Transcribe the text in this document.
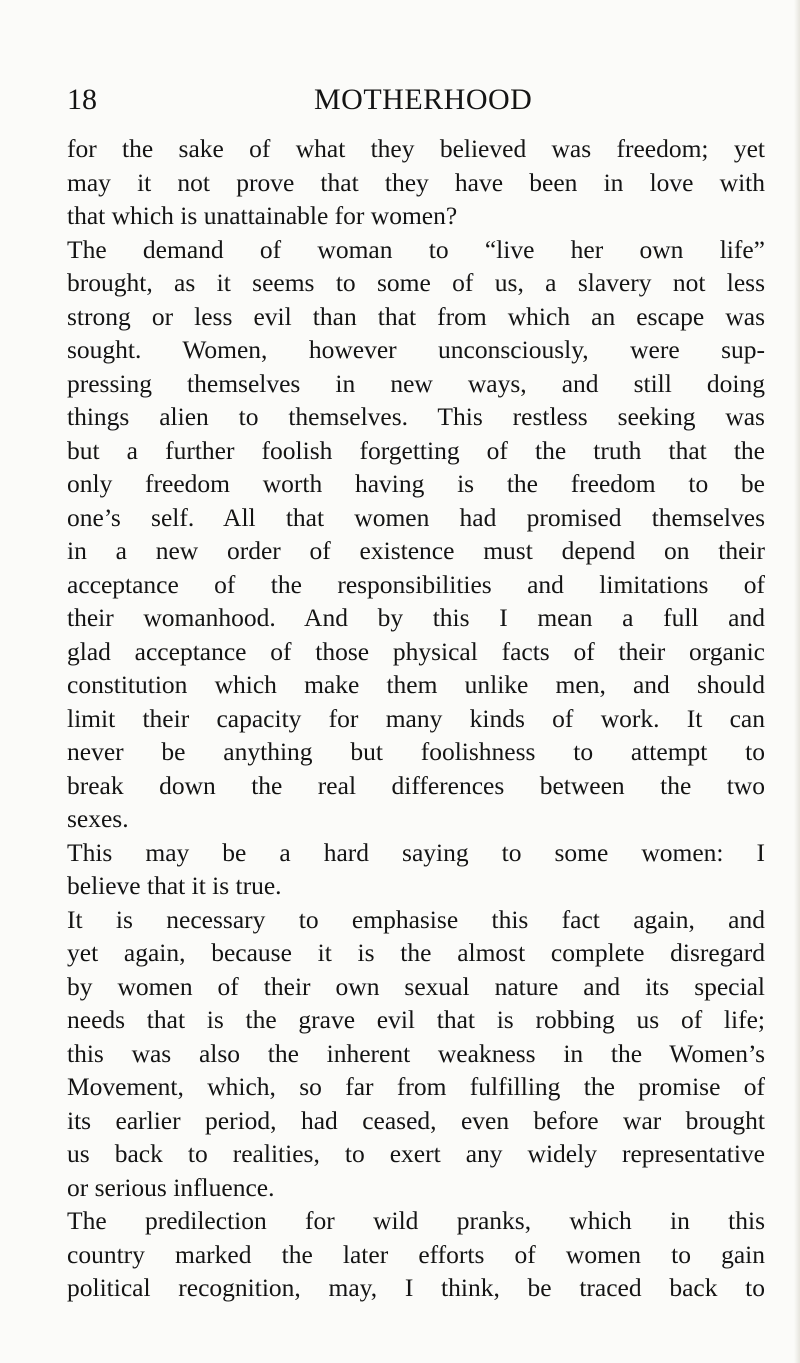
18	MOTHERHOOD
for the sake of what they believed was freedom; yet
may it not prove that they have been in love with
that which is unattainable for women?
The demand of woman to “live her own life”
brought, as it seems to some of us, a slavery not less
strong or less evil than that from which an escape was
sought. Women, however unconsciously, were sup-
pressing themselves in new ways, and still doing
things alien to themselves. This restless seeking was
but a further foolish forgetting of the truth that the
only freedom worth having is the freedom to be
one’s self. All that women had promised themselves
in a new order of existence must depend on their
acceptance of the responsibilities and limitations of
their womanhood. And by this I mean a full and
glad acceptance of those physical facts of their organic
constitution which make them unlike men, and should
limit their capacity for many kinds of work. It can
never be anything but foolishness to attempt to
break down the real differences between the two
sexes.
This may be a hard saying to some women: I
believe that it is true.
It is necessary to emphasise this fact again, and
yet again, because it is the almost complete disregard
by women of their own sexual nature and its special
needs that is the grave evil that is robbing us of life;
this was also the inherent weakness in the Women’s
Movement, which, so far from fulfilling the promise of
its earlier period, had ceased, even before war brought
us back to realities, to exert any widely representative
or serious influence.
The predilection for wild pranks, which in this
country marked the later efforts of women to gain
political recognition, may, I think, be traced back to
